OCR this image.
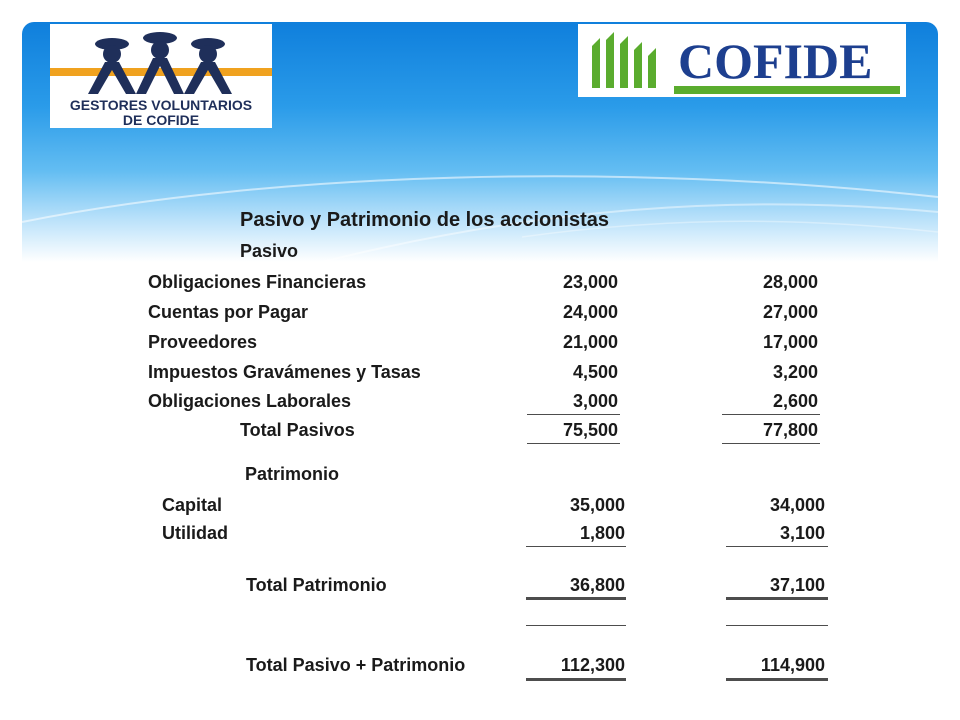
GESTORES VOLUNTARIOS
DE COFIDE
COFIDE
Pasivo y Patrimonio de los accionistas
Pasivo
Obligaciones Financieras	23,000	28,000
Cuentas por Pagar	24,000	27,000
Proveedores	21,000	17,000
Impuestos Gravámenes y Tasas	4,500	3,200
Obligaciones Laborales	3,000	2,600
Total Pasivos	75,500	77,800
Patrimonio
Capital	35,000	34,000
Utilidad	1,800	3,100
Total Patrimonio	36,800	37,100
Total Pasivo + Patrimonio	112,300	114,900
